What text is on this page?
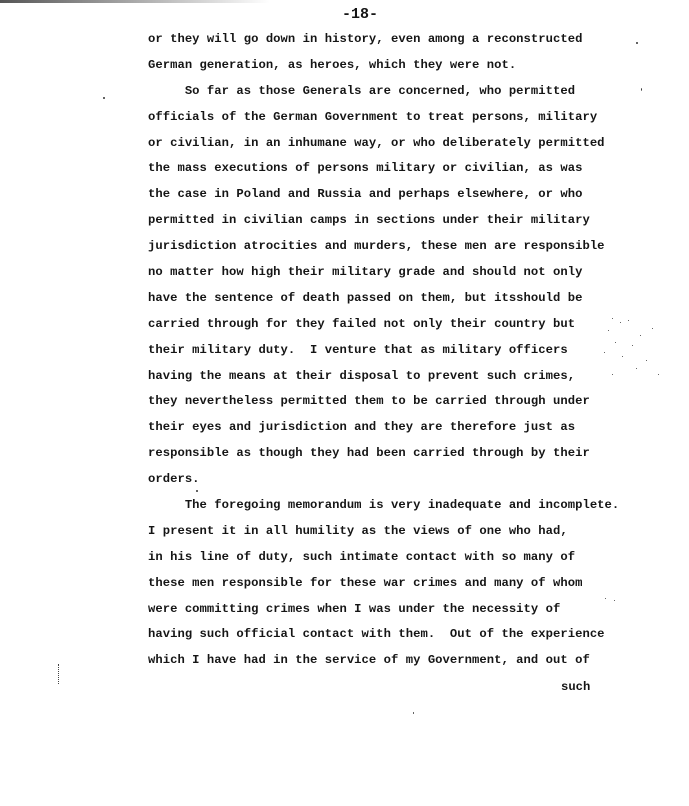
-18-
or they will go down in history, even among a reconstructed
German generation, as heroes, which they were not.
So far as those Generals are concerned, who permitted
officials of the German Government to treat persons, military
or civilian, in an inhumane way, or who deliberately permitted
the mass executions of persons military or civilian, as was
the case in Poland and Russia and perhaps elsewhere, or who
permitted in civilian camps in sections under their military
jurisdiction atrocities and murders, these men are responsible
no matter how high their military grade and should not only
have the sentence of death passed on them, but itsshould be
carried through for they failed not only their country but
their military duty.  I venture that as military officers
having the means at their disposal to prevent such crimes,
they nevertheless permitted them to be carried through under
their eyes and jurisdiction and they are therefore just as
responsible as though they had been carried through by their
orders.
The foregoing memorandum is very inadequate and incomplete.
I present it in all humility as the views of one who had,
in his line of duty, such intimate contact with so many of
these men responsible for these war crimes and many of whom
were committing crimes when I was under the necessity of
having such official contact with them.  Out of the experience
which I have had in the service of my Government, and out of
such
